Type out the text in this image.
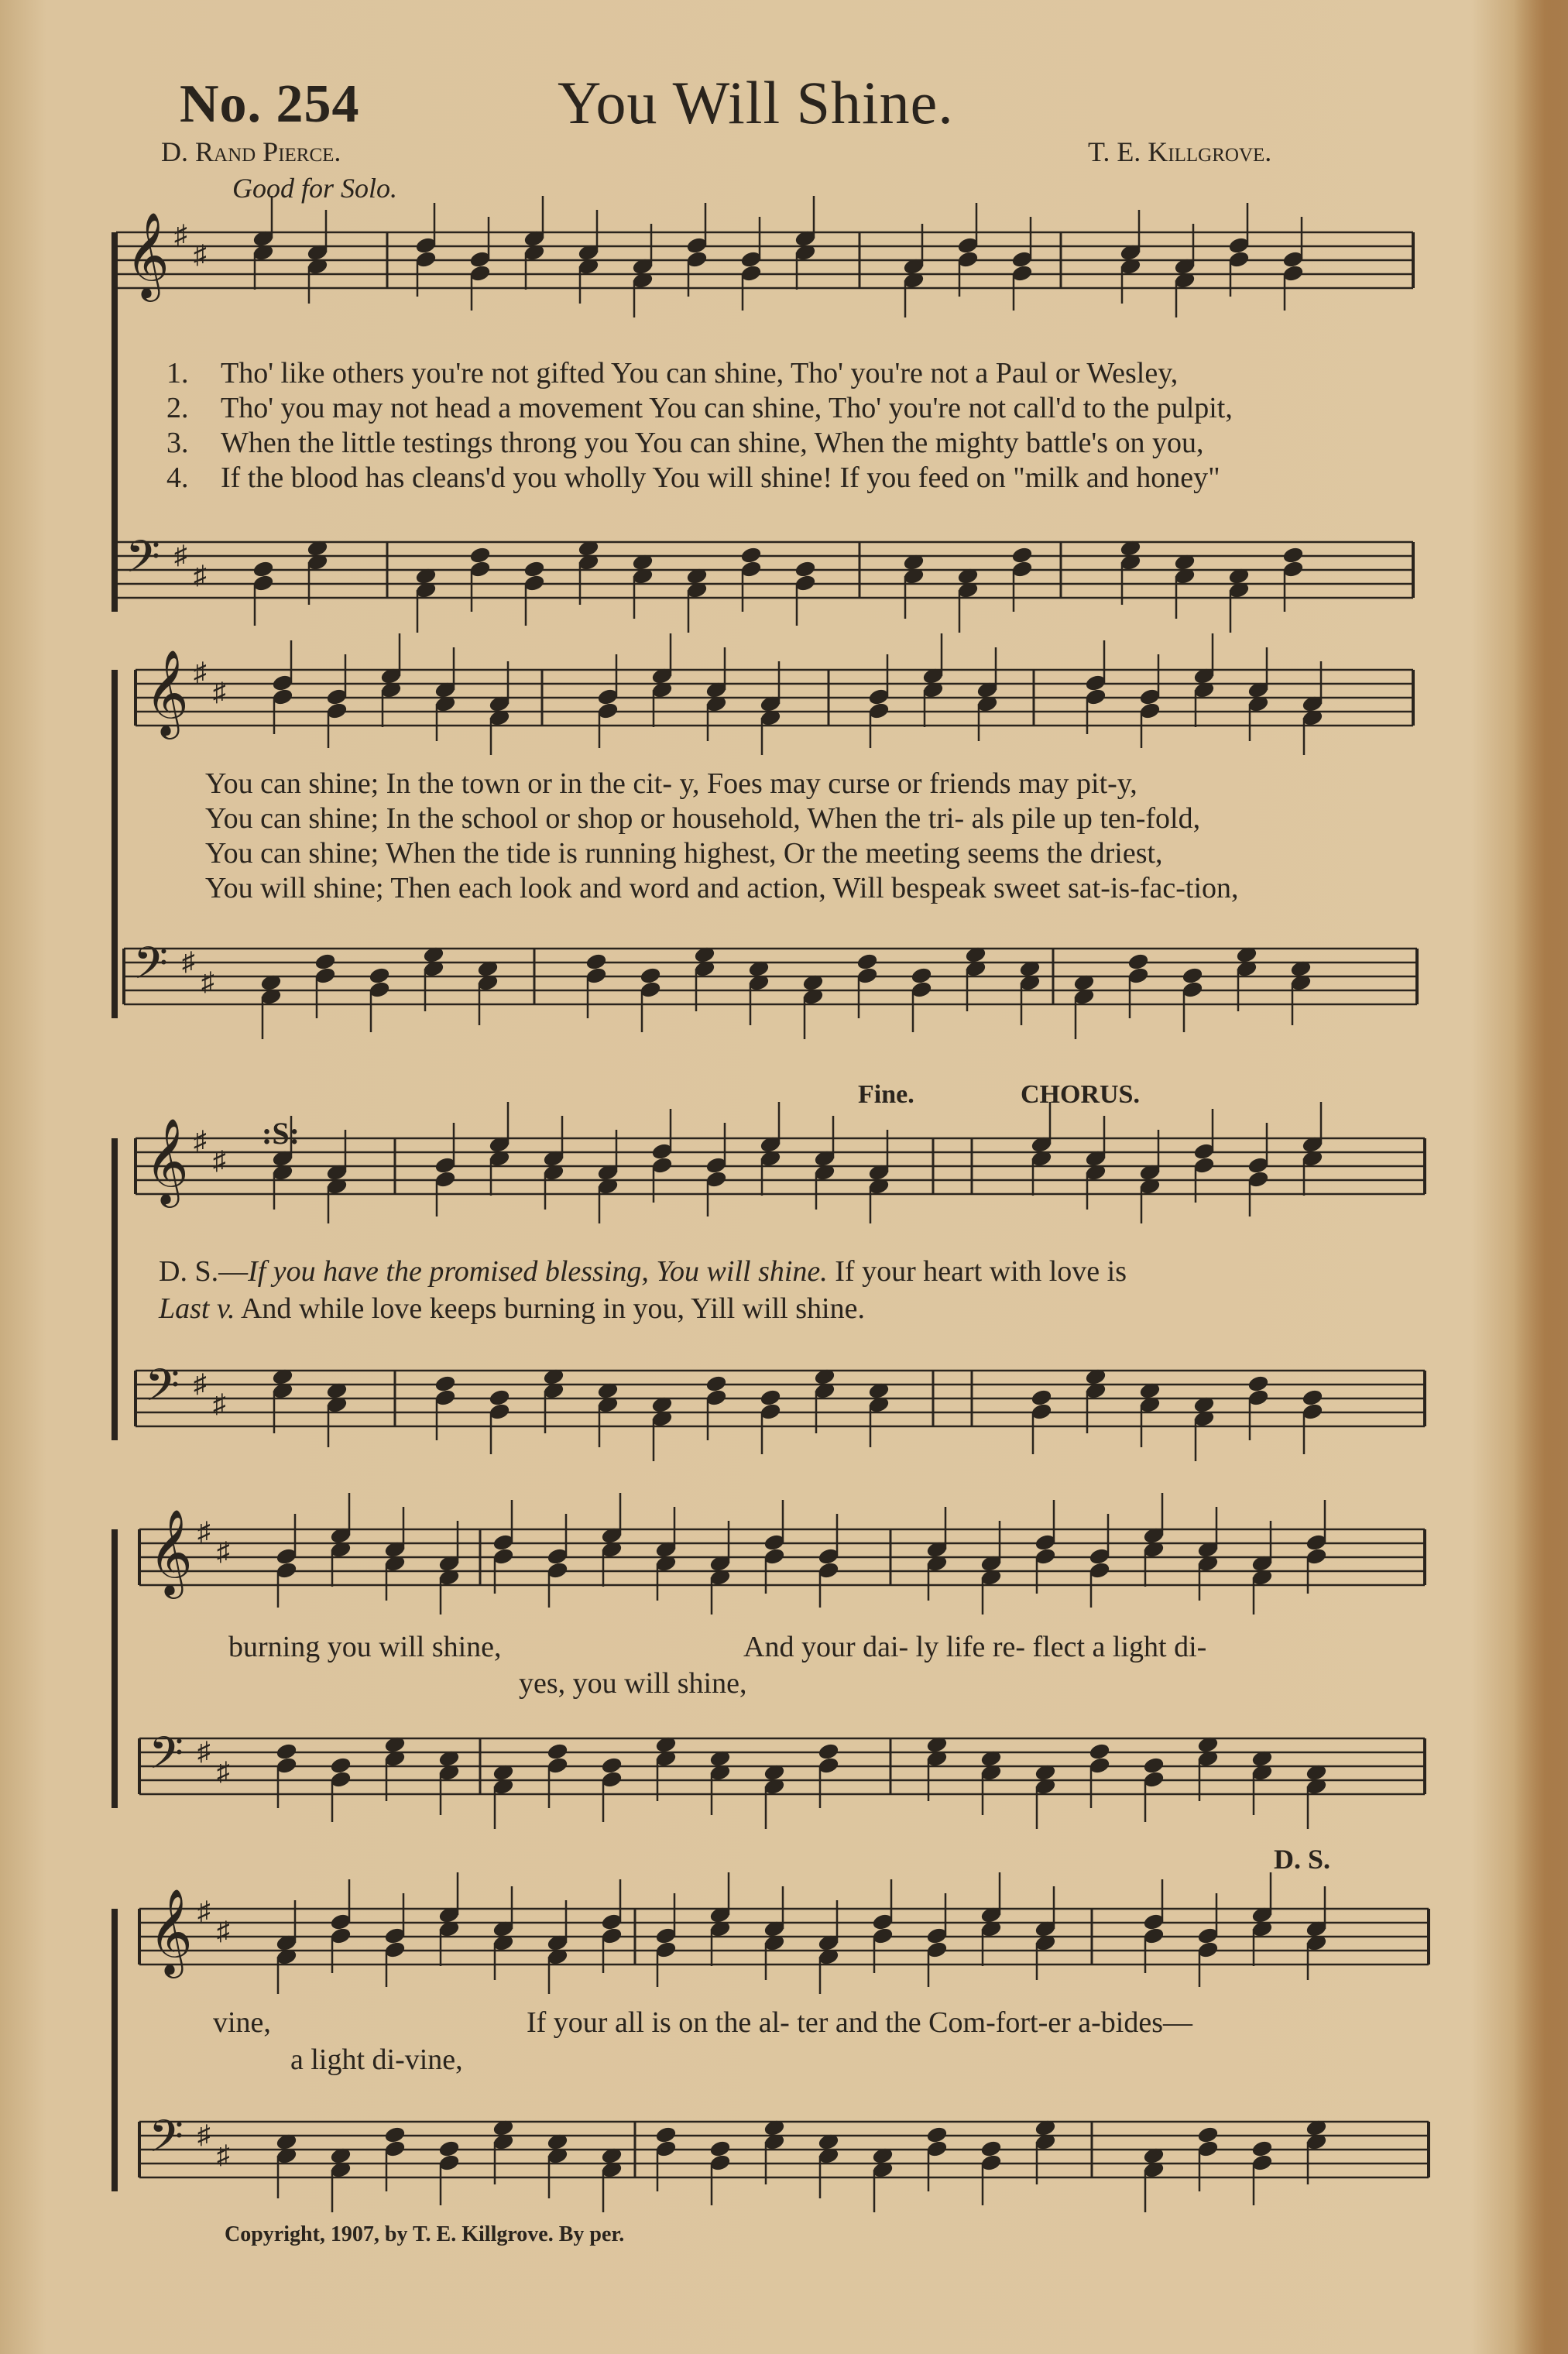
No. 254	You Will Shine.
D. Rand Pierce.	T. E. Killgrove.
Good for Solo.
𝄞 ♯
♯
𝄢 ♯
♯
𝄞 ♯
♯
𝄢 ♯
♯
𝄞 ♯
♯
𝄢 ♯
♯
𝄞 ♯
♯
𝄢 ♯
♯
𝄞 ♯
♯
𝄢 ♯
♯
1. Tho' like others you're not gifted You can shine, Tho' you're not a Paul or Wesley,
2. Tho' you may not head a movement You can shine, Tho' you're not call'd to the pulpit,
3. When the little testings throng you You can shine, When the mighty battle's on you,
4. If the blood has cleans'd you wholly You will shine! If you feed on "milk and honey"
You can shine; In the town or in the cit- y, Foes may curse or friends may pit-y,
You can shine; In the school or shop or household, When the tri- als pile up ten-fold,
You can shine; When the tide is running highest, Or the meeting seems the driest,
You will shine; Then each look and word and action, Will bespeak sweet sat-is-fac-tion,
Fine.	CHORUS.
:S:
D. S.—If you have the promised blessing, You will shine. If your heart with love is
Last v. And while love keeps burning in you, Yill will shine.
burning you will shine,	And your dai- ly life re- flect a light di-
yes, you will shine,
D. S.
vine,	If your all is on the al- ter and the Com-fort-er a-bides—
a light di-vine,
Copyright, 1907, by T. E. Killgrove. By per.
